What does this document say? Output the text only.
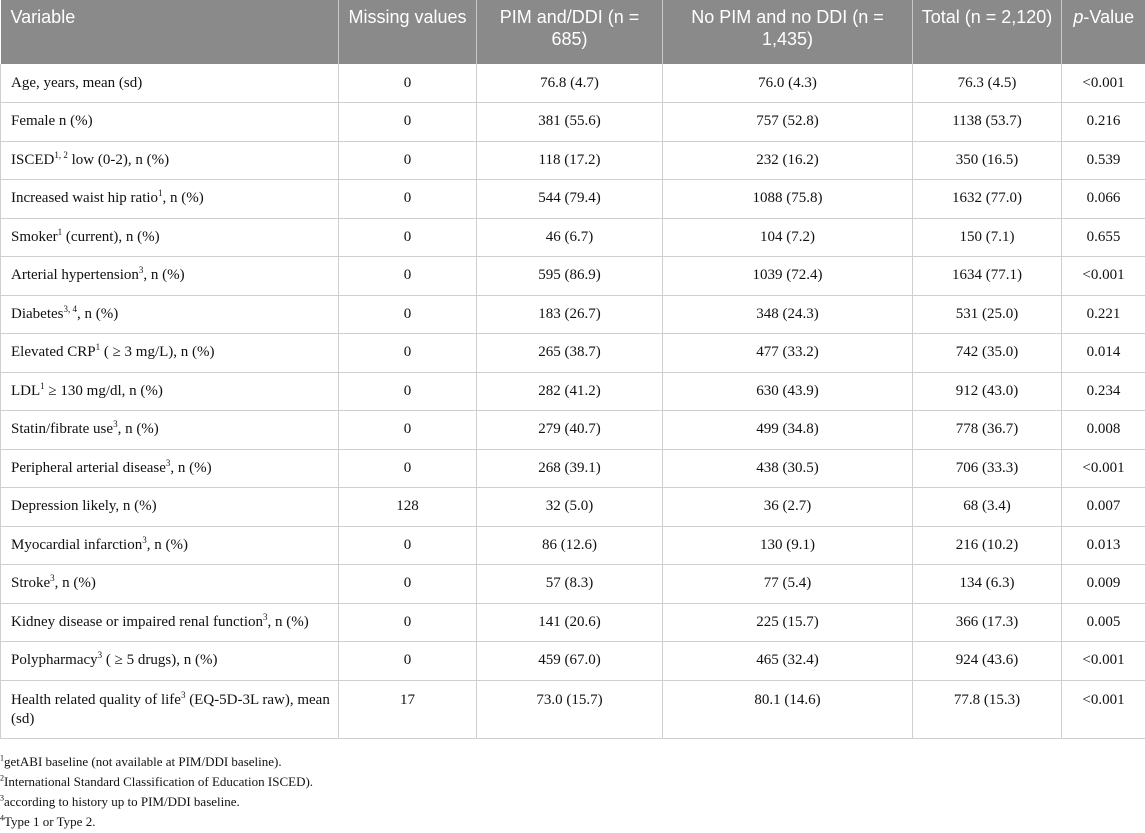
Variable	Missing values	PIM and/DDI (n = 685)	No PIM and no DDI (n = 1,435)	Total (n = 2,120)	p-Value
Age, years, mean (sd)	0	76.8 (4.7)	76.0 (4.3)	76.3 (4.5)	<0.001
Female n (%)	0	381 (55.6)	757 (52.8)	1138 (53.7)	0.216
ISCED$^{1, 2}$ low (0-2), n (%)	0	118 (17.2)	232 (16.2)	350 (16.5)	0.539
Increased waist hip ratio$^1$, n (%)	0	544 (79.4)	1088 (75.8)	1632 (77.0)	0.066
Smoker$^1$ (current), n (%)	0	46 (6.7)	104 (7.2)	150 (7.1)	0.655
Arterial hypertension$^3$, n (%)	0	595 (86.9)	1039 (72.4)	1634 (77.1)	<0.001
Diabetes$^{3, 4}$, n (%)	0	183 (26.7)	348 (24.3)	531 (25.0)	0.221
Elevated CRP$^1$ ( ≥ 3 mg/L), n (%)	0	265 (38.7)	477 (33.2)	742 (35.0)	0.014
$LDL^1 \ge 130$ mg/dl, n (%)	0	282 (41.2)	630 (43.9)	912 (43.0)	0.234
Statin/fibrate use$^3$, n (%)	0	279 (40.7)	499 (34.8)	778 (36.7)	0.008
Peripheral arterial disease$^3$, n (%)	0	268 (39.1)	438 (30.5)	706 (33.3)	<0.001
Depression likely, n (%)	128	32 (5.0)	36 (2.7)	68 (3.4)	0.007
Myocardial infarction$^3$, n (%)	0	86 (12.6)	130 (9.1)	216 (10.2)	0.013
Stroke$^3$, n (%)	0	57 (8.3)	77 (5.4)	134 (6.3)	0.009
Kidney disease or impaired renal function$^3$, n (%)	0	141 (20.6)	225 (15.7)	366 (17.3)	0.005
Polypharmacy$^3$ ( ≥ 5 drugs), n (%)	0	459 (67.0)	465 (32.4)	924 (43.6)	<0.001
Health related quality of life$^3$ (EQ-5D-3L raw), mean (sd)	17	73.0 (15.7)	80.1 (14.6)	77.8 (15.3)	<0.001
$^1$getABI baseline (not available at PIM/DDI baseline).
$^2$International Standard Classification of Education ISCED).
$^3$according to history up to PIM/DDI baseline.
$^4$Type 1 or Type 2.
